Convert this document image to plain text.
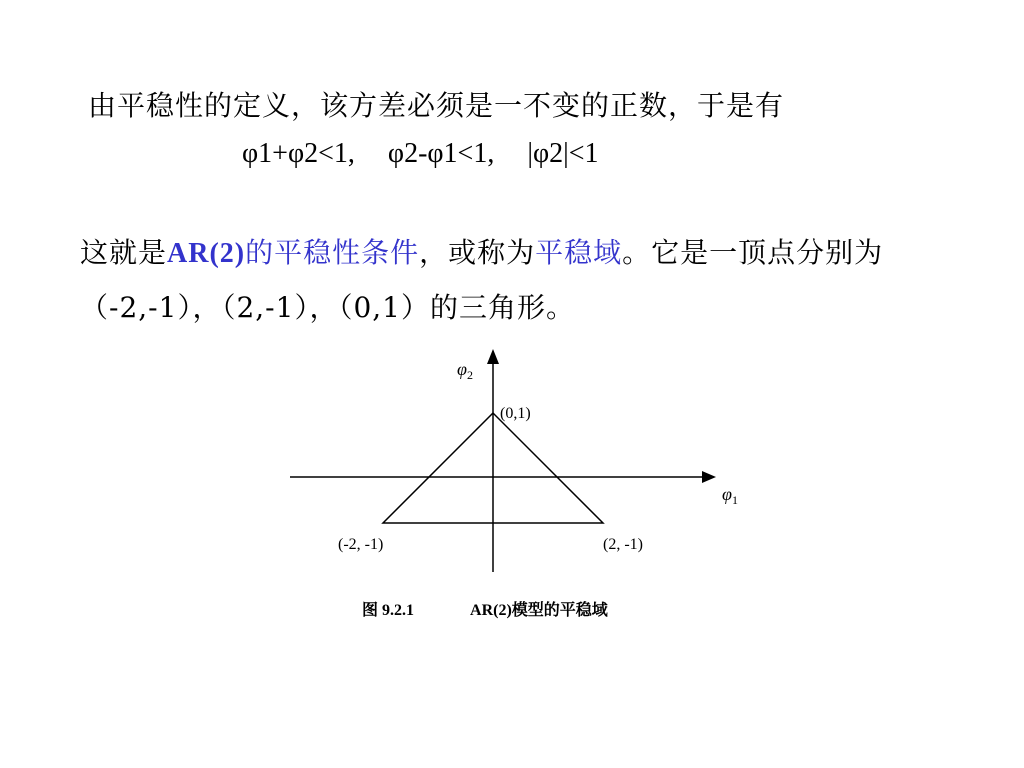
由平稳性的定义，该方差必须是一不变的正数，于是有
φ1+φ2<1, φ2-φ1<1, |φ2|<1
这就是AR(2)的平稳性条件，或称为平稳域。它是一顶点分别为（-2,-1），（2,-1），（0,1）的三角形。
$\varphi_2$
$\varphi_1$
(0,1)
(-2, -1)	(2, -1)
图 9.2.1	AR(2)模型的平稳域
